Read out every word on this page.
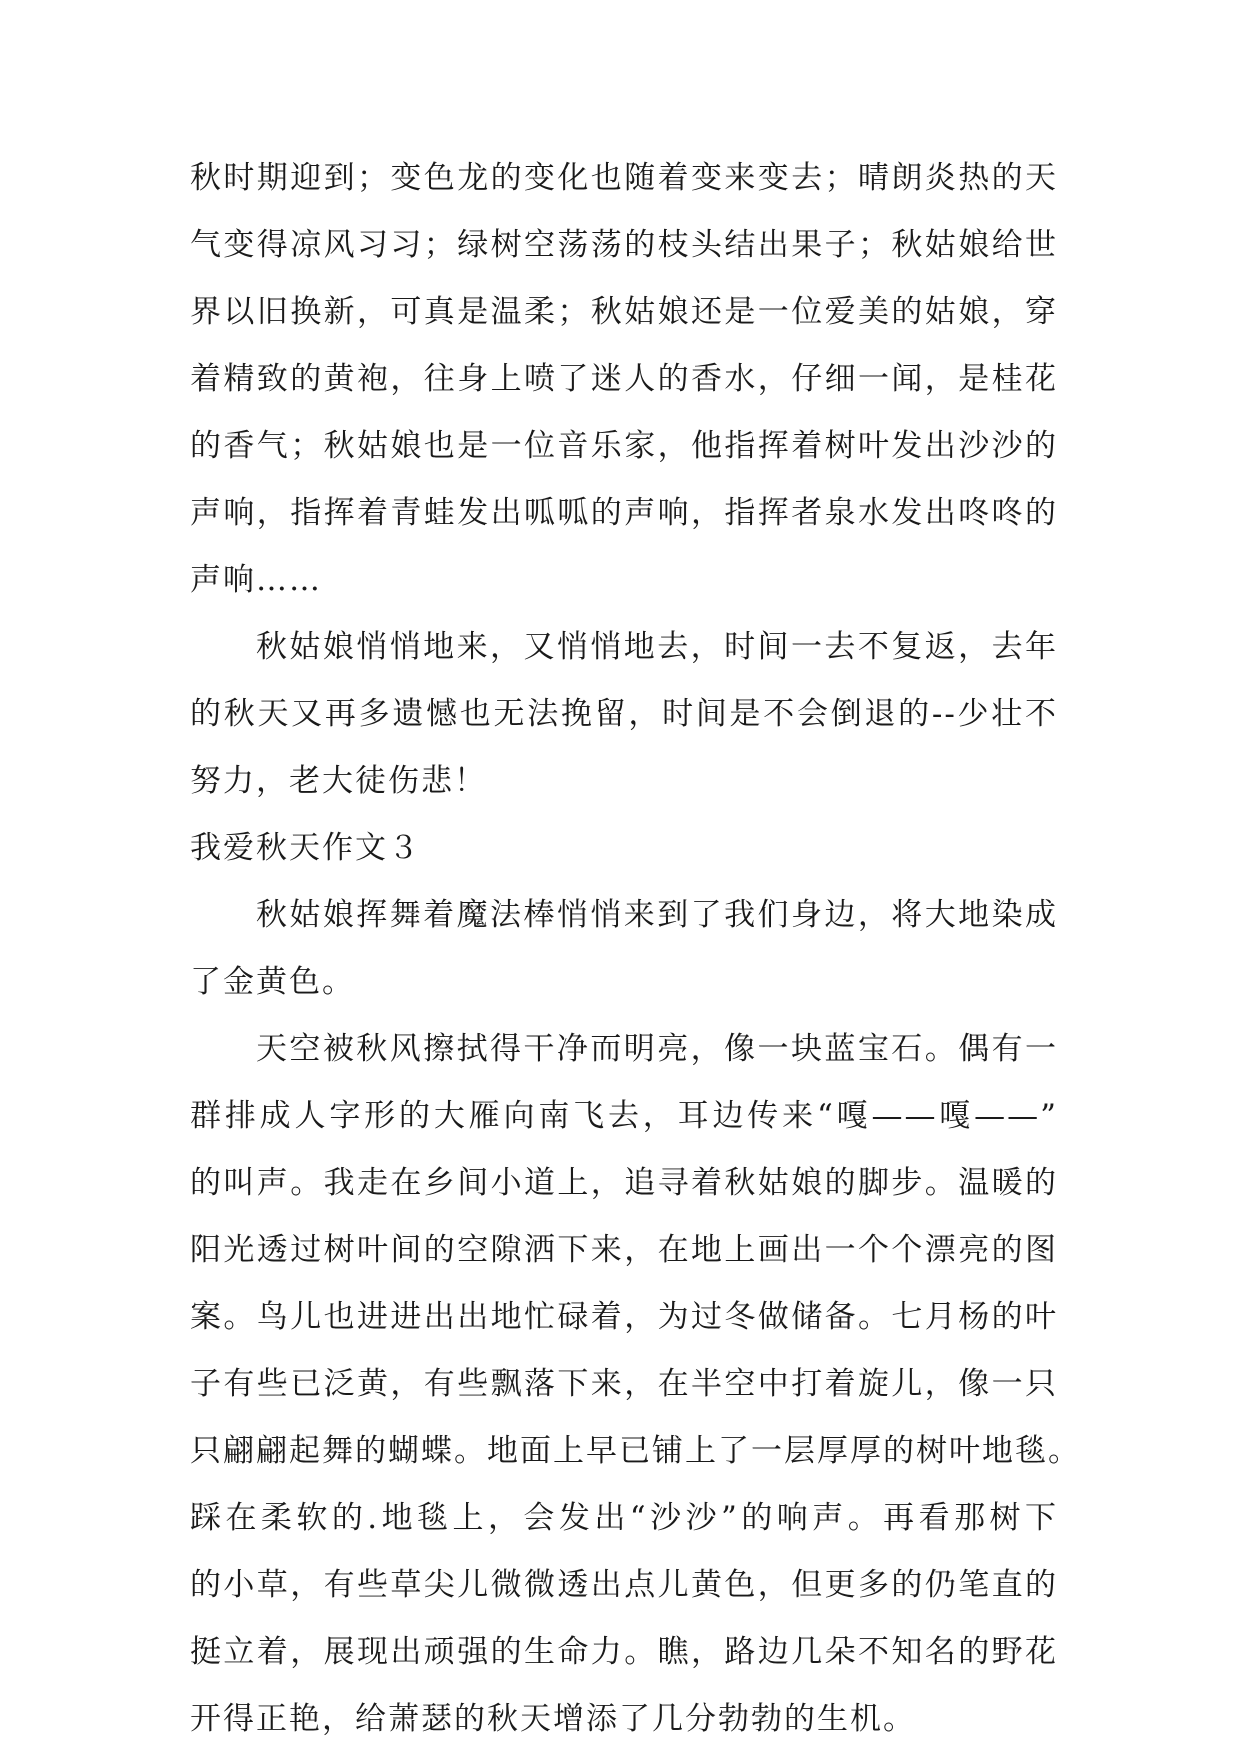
秋时期迎到；变色龙的变化也随着变来变去；晴朗炎热的天
气变得凉风习习；绿树空荡荡的枝头结出果子；秋姑娘给世
界以旧换新，可真是温柔；秋姑娘还是一位爱美的姑娘，穿
着精致的黄袍，往身上喷了迷人的香水，仔细一闻，是桂花
的香气；秋姑娘也是一位音乐家，他指挥着树叶发出沙沙的
声响，指挥着青蛙发出呱呱的声响，指挥者泉水发出咚咚的
声响……
秋姑娘悄悄地来，又悄悄地去，时间一去不复返，去年
的秋天又再多遗憾也无法挽留，时间是不会倒退的--少壮不
努力，老大徒伤悲！
我爱秋天作文３
秋姑娘挥舞着魔法棒悄悄来到了我们身边，将大地染成
了金黄色。
天空被秋风擦拭得干净而明亮，像一块蓝宝石。偶有一
群排成人字形的大雁向南飞去，耳边传来“嘎——嘎——”
的叫声。我走在乡间小道上，追寻着秋姑娘的脚步。温暖的
阳光透过树叶间的空隙洒下来，在地上画出一个个漂亮的图
案。鸟儿也进进出出地忙碌着，为过冬做储备。七月杨的叶
子有些已泛黄，有些飘落下来，在半空中打着旋儿，像一只
只翩翩起舞的蝴蝶。地面上早已铺上了一层厚厚的树叶地毯。
踩在柔软的.地毯上，会发出“沙沙”的响声。再看那树下
的小草，有些草尖儿微微透出点儿黄色，但更多的仍笔直的
挺立着，展现出顽强的生命力。瞧，路边几朵不知名的野花
开得正艳，给萧瑟的秋天增添了几分勃勃的生机。
